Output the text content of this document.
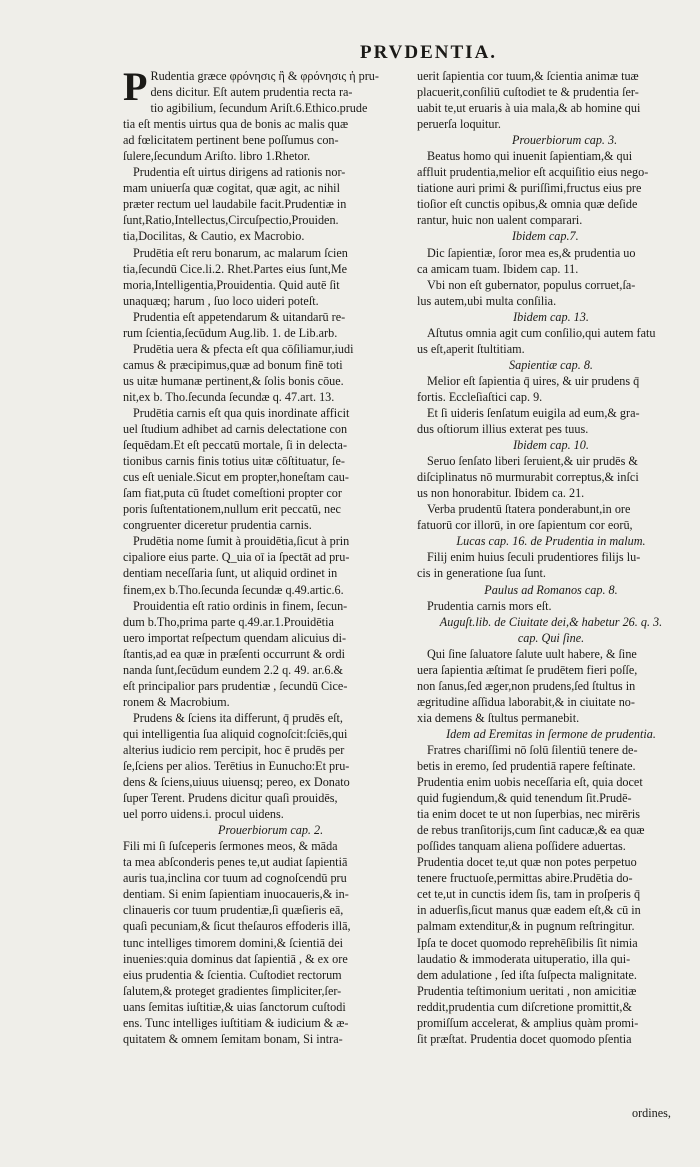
PRVDENTIA.
P Rudentia græce φρόνησις ἢ & φρόνησις ἡ pru-
dens dicitur. Eſt autem prudentia recta ra-
tio agibilium, ſecundum Ariſt.6.Ethico.prude
tia eſt mentis uirtus qua de bonis ac malis quæ
ad fœlicitatem pertinent bene poſſumus con-
ſulere,ſecundum Ariſto. libro 1.Rhetor.
Prudentia eſt uirtus dirigens ad rationis nor-
mam uniuerſa quæ cogitat, quæ agit, ac nihil
præter rectum uel laudabile facit.Prudentiæ in
ſunt,Ratio,Intellectus,Circuſpectio,Prouiden.
tia,Docilitas, & Cautio, ex Macrobio.
Prudētia eſt reru bonarum, ac malarum ſcien
tia,ſecundū Cice.li.2. Rhet.Partes eius ſunt,Me
moria,Intelligentia,Prouidentia. Quid autē ſit
unaquæq; harum , ſuo loco uideri poteſt.
Prudentia eſt appetendarum & uitandarū re-
rum ſcientia,ſecūdum Aug.lib. 1. de Lib.arb.
Prudētia uera & pfecta eſt qua cōſiliamur,iudi
camus & præcipimus,quæ ad bonum finē toti
us uitæ humanæ pertinent,& ſolis bonis cōue.
nit,ex b. Tho.ſecunda ſecundæ q. 47.art. 13.
Prudētia carnis eſt qua quis inordinate afficit
uel ſtudium adhibet ad carnis delectatione con
ſequēdam.Et eſt peccatū mortale, ſi in delecta-
tionibus carnis finis totius uitæ cōſtituatur, ſe-
cus eſt ueniale.Sicut em propter,honeſtam cau-
ſam fiat,puta cū ſtudet comeſtioni propter cor
poris ſuſtentationem,nullum erit peccatū, nec
congruenter diceretur prudentia carnis.
Prudētia nome ſumit à prouidētia,ſicut à prin
cipaliore eius parte. Q_uia oī ia ſpectāt ad pru-
dentiam neceſſaria ſunt, ut aliquid ordinet in
finem,ex b.Tho.ſecunda ſecundæ q.49.artic.6.
Prouidentia eſt ratio ordinis in finem, ſecun-
dum b.Tho,prima parte q.49.ar.1.Prouidētia
uero importat reſpectum quendam alicuius di-
ſtantis,ad ea quæ in præſenti occurrunt & ordi
nanda ſunt,ſecūdum eundem 2.2 q. 49. ar.6.&
eſt principalior pars prudentiæ , ſecundū Cice-
ronem & Macrobium.
Prudens & ſciens ita differunt, q̄ prudēs eſt,
qui intelligentia ſua aliquid cognoſcit:ſciēs,qui
alterius iudicio rem percipit, hoc ē prudēs per
ſe,ſciens per alios. Terētius in Eunucho:Et pru-
dens & ſciens,uiuus uiuensq; pereo, ex Donato
ſuper Terent. Prudens dicitur quaſi prouidēs,
uel porro uidens.i. procul uidens.
Prouerbiorum cap. 2.
Fili mi ſi ſuſceperis ſermones meos, & māda
ta mea abſconderis penes te,ut audiat ſapientiā
auris tua,inclina cor tuum ad cognoſcendū pru
dentiam. Si enim ſapientiam inuocaueris,& in-
clinaueris cor tuum prudentiæ,ſi quæſieris eā,
quaſi pecuniam,& ſicut theſauros effoderis illā,
tunc intelliges timorem domini,& ſcientiā dei
inuenies:quia dominus dat ſapientiā , & ex ore
eius prudentia & ſcientia. Cuſtodiet rectorum
ſalutem,& proteget gradientes ſimpliciter,ſer-
uans ſemitas iuſtitiæ,& uias ſanctorum cuſtodi
ens. Tunc intelliges iuſtitiam & iudicium & æ-
quitatem & omnem ſemitam bonam, Si intra-
uerit ſapientia cor tuum,& ſcientia animæ tuæ
placuerit,conſiliū cuſtodiet te & prudentia ſer-
uabit te,ut eruaris à uia mala,& ab homine qui
peruerſa loquitur.
Prouerbiorum cap. 3.
Beatus homo qui inuenit ſapientiam,& qui
affluit prudentia,melior eſt acquiſitio eius nego-
tiatione auri primi & puriſſimi,fructus eius pre
tioſior eſt cunctis opibus,& omnia quæ deſide
rantur, huic non ualent comparari.
Ibidem cap.7.
Dic ſapientiæ, ſoror mea es,& prudentia uo
ca amicam tuam. Ibidem cap. 11.
Vbi non eſt gubernator, populus corruet,ſa-
lus autem,ubi multa conſilia.
Ibidem cap. 13.
Aſtutus omnia agit cum conſilio,qui autem fatu
us eſt,aperit ſtultitiam.
Sapientiæ cap. 8.
Melior eſt ſapientia q̄ uires, & uir prudens q̄
fortis. Eccleſiaſtici cap. 9.
Et ſi uideris ſenſatum euigila ad eum,& gra-
dus oſtiorum illius exterat pes tuus.
Ibidem cap. 10.
Seruo ſenſato liberi ſeruient,& uir prudēs &
diſciplinatus nō murmurabit correptus,& inſci
us non honorabitur. Ibidem ca. 21.
Verba prudentū ſtatera ponderabunt,in ore
fatuorū cor illorū, in ore ſapientum cor eorū,
Lucas cap. 16. de Prudentia in malum.
Filij enim huius ſeculi prudentiores filijs lu-
cis in generatione ſua ſunt.
Paulus ad Romanos cap. 8.
Prudentia carnis mors eſt.
Auguſt.lib. de Ciuitate dei,& habetur 26. q. 3.
cap. Qui ſine.
Qui ſine ſaluatore ſalute uult habere, & ſine
uera ſapientia æſtimat ſe prudētem fieri poſſe,
non ſanus,ſed æger,non prudens,ſed ſtultus in
ægritudine aſſidua laborabit,& in ciuitate no-
xia demens & ſtultus permanebit.
Idem ad Eremitas in ſermone de prudentia.
Fratres chariſſimi nō ſolū ſilentiū tenere de-
betis in eremo, ſed prudentiā rapere feſtinate.
Prudentia enim uobis neceſſaria eſt, quia docet
quid fugiendum,& quid tenendum ſit.Prudē-
tia enim docet te ut non ſuperbias, nec mirēris
de rebus tranſitorijs,cum ſint caducæ,& ea quæ
poſſides tanquam aliena poſſidere aduertas.
Prudentia docet te,ut quæ non potes perpetuo
tenere fructuoſe,permittas abire.Prudētia do-
cet te,ut in cunctis idem ſis, tam in proſperis q̄
in aduerſis,ſicut manus quæ eadem eſt,& cū in
palmam extenditur,& in pugnum reſtringitur.
Ipſa te docet quomodo reprehēſibilis ſit nimia
laudatio & immoderata uituperatio, illa qui-
dem adulatione , ſed iſta ſuſpecta malignitate.
Prudentia teſtimonium ueritati , non amicitiæ
reddit,prudentia cum diſcretione promittit,&
promiſſum accelerat, & amplius quàm promi-
ſit præſtat. Prudentia docet quomodo pſentia
ordines,
